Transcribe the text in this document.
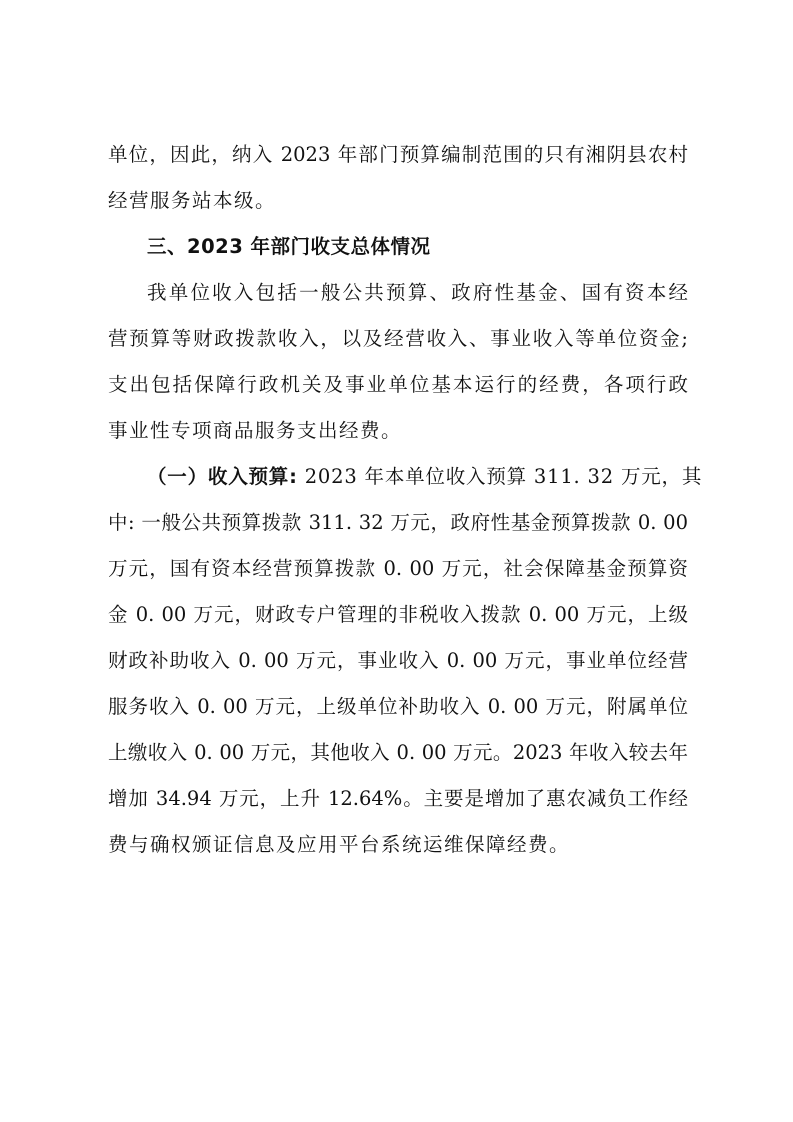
单位，因此，纳入 2023 年部门预算编制范围的只有湘阴县农村
经营服务站本级。
三、2023 年部门收支总体情况
我单位收入包括一般公共预算、政府性基金、国有资本经
营预算等财政拨款收入，以及经营收入、事业收入等单位资金;
支出包括保障行政机关及事业单位基本运行的经费，各项行政
事业性专项商品服务支出经费。
（一）收入预算: 2023 年本单位收入预算 311. 32 万元，其
中: 一般公共预算拨款 311. 32 万元，政府性基金预算拨款 0. 00
万元，国有资本经营预算拨款 0. 00 万元，社会保障基金预算资
金 0. 00 万元，财政专户管理的非税收入拨款 0. 00 万元，上级
财政补助收入 0. 00 万元，事业收入 0. 00 万元，事业单位经营
服务收入 0. 00 万元，上级单位补助收入 0. 00 万元，附属单位
上缴收入 0. 00 万元，其他收入 0. 00 万元。2023 年收入较去年
增加 34.94 万元，上升 12.64%。主要是增加了惠农减负工作经
费与确权颁证信息及应用平台系统运维保障经费。
